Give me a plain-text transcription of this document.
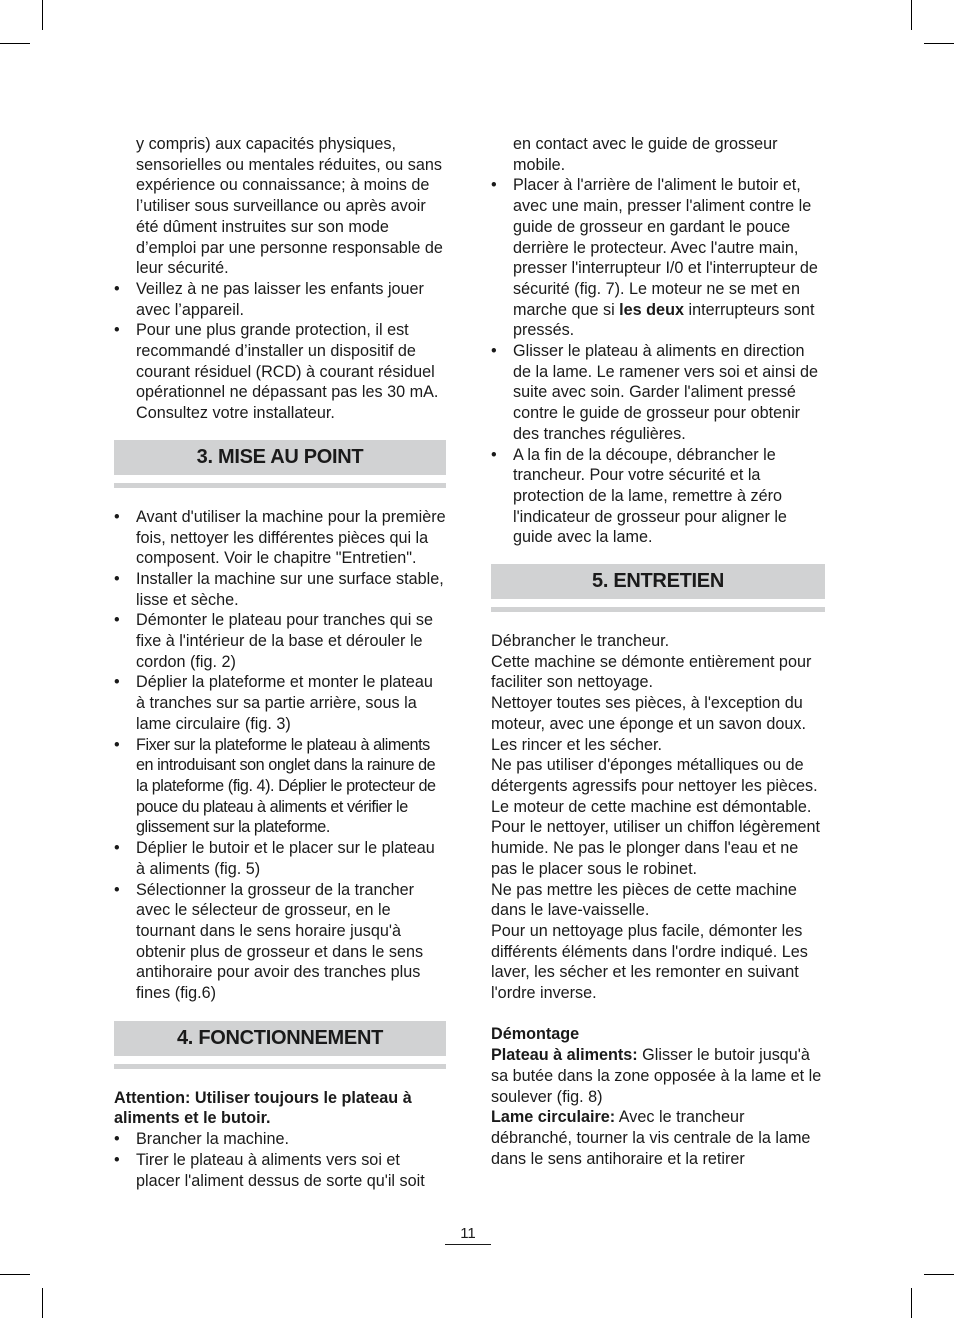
y compris) aux capacités physiques, sensorielles ou mentales réduites, ou sans expérience ou connaissance; à moins de l’utiliser sous surveillance ou après avoir été dûment instruites sur son mode d’emploi par une personne responsable de leur sécurité.
• Veillez à ne pas laisser les enfants jouer avec l’appareil.
• Pour une plus grande protection, il est recommandé d’installer un dispositif de courant résiduel (RCD) à courant résiduel opérationnel ne dépassant pas les 30 mA. Consultez votre installateur.
3. MISE AU POINT
• Avant d'utiliser la machine pour la première fois, nettoyer les différentes pièces qui la composent. Voir le chapitre "Entretien".
• Installer la machine sur une surface stable, lisse et sèche.
• Démonter le plateau pour tranches qui se fixe à l'intérieur de la base et dérouler le cordon (fig. 2)
• Déplier la plateforme et monter le plateau à tranches sur sa partie arrière, sous la lame circulaire (fig. 3)
• Fixer sur la plateforme le plateau à aliments en introduisant son onglet dans la rainure de la plateforme (fig. 4). Déplier le protecteur de pouce du plateau à aliments et vérifier le glissement sur la plateforme.
• Déplier le butoir et le placer sur le plateau à aliments (fig. 5)
• Sélectionner la grosseur de la trancher avec le sélecteur de grosseur, en le tournant dans le sens horaire jusqu'à obtenir plus de grosseur et dans le sens antihoraire pour avoir des tranches plus fines (fig.6)
4. FONCTIONNEMENT
Attention: Utiliser toujours le plateau à aliments et le butoir.
• Brancher la machine.
• Tirer le plateau à aliments vers soi et placer l'aliment dessus de sorte qu'il soit
en contact avec le guide de grosseur mobile.
• Placer à l'arrière de l'aliment le butoir et, avec une main, presser l'aliment contre le guide de grosseur en gardant le pouce derrière le protecteur. Avec l'autre main, presser l'interrupteur I/0 et l'interrupteur de sécurité (fig. 7). Le moteur ne se met en marche que si les deux interrupteurs sont pressés.
• Glisser le plateau à aliments en direction de la lame. Le ramener vers soi et ainsi de suite avec soin. Garder l'aliment pressé contre le guide de grosseur pour obtenir des tranches régulières.
• A la fin de la découpe, débrancher le trancheur. Pour votre sécurité et la protection de la lame, remettre à zéro l'indicateur de grosseur pour aligner le guide avec la lame.
5. ENTRETIEN

Débrancher le trancheur.

Cette machine se démonte entièrement pour faciliter son nettoyage.

Nettoyer toutes ses pièces, à l'exception du moteur, avec une éponge et un savon doux. Les rincer et les sécher.

Ne pas utiliser d'éponges métalliques ou de détergents agressifs pour nettoyer les pièces.

Le moteur de cette machine est démontable. Pour le nettoyer, utiliser un chiffon légèrement humide. Ne pas le plonger dans l'eau et ne pas le placer sous le robinet.

Ne pas mettre les pièces de cette machine dans le lave-vaisselle.

Pour un nettoyage plus facile, démonter les différents éléments dans l'ordre indiqué. Les laver, les sécher et les remonter en suivant l'ordre inverse.

Démontage

Plateau à aliments: Glisser le butoir jusqu'à sa butée dans la zone opposée à la lame et le soulever (fig. 8)

Lame circulaire: Avec le trancheur débranché, tourner la vis centrale de la lame dans le sens antihoraire et la retirer

11
